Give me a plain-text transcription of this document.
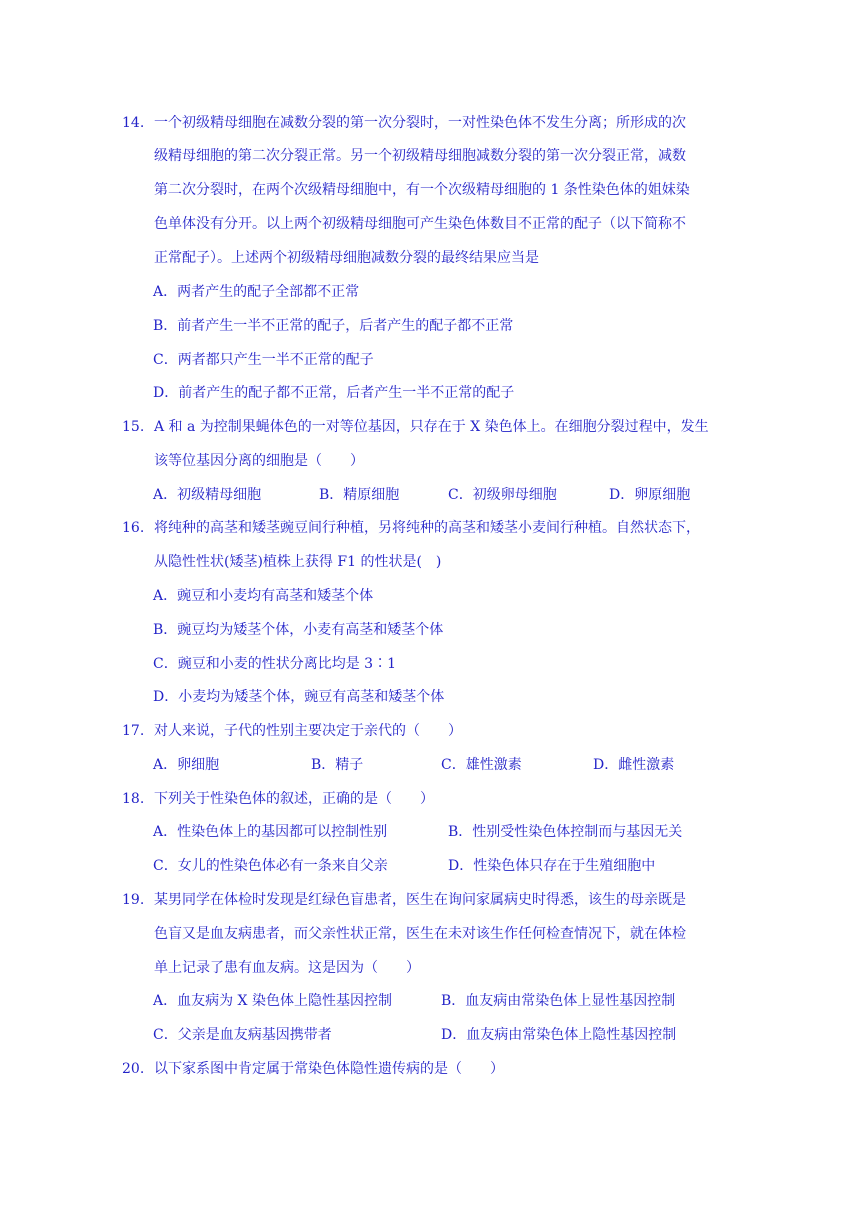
14. 一个初级精母细胞在减数分裂的第一次分裂时，一对性染色体不发生分离；所形成的次
级精母细胞的第二次分裂正常。另一个初级精母细胞减数分裂的第一次分裂正常，减数
第二次分裂时，在两个次级精母细胞中，有一个次级精母细胞的 1 条性染色体的姐妹染
色单体没有分开。以上两个初级精母细胞可产生染色体数目不正常的配子（以下简称不
正常配子）。上述两个初级精母细胞减数分裂的最终结果应当是
A．两者产生的配子全部都不正常
B．前者产生一半不正常的配子，后者产生的配子都不正常
C．两者都只产生一半不正常的配子
D．前者产生的配子都不正常，后者产生一半不正常的配子
15. A 和 a 为控制果蝇体色的一对等位基因，只存在于 X 染色体上。在细胞分裂过程中，发生
该等位基因分离的细胞是（　　）
A．初级精母细胞	B．精原细胞	C．初级卵母细胞	D．卵原细胞
16. 将纯种的高茎和矮茎豌豆间行种植，另将纯种的高茎和矮茎小麦间行种植。自然状态下，
从隐性性状(矮茎)植株上获得 F1 的性状是(　)
A．豌豆和小麦均有高茎和矮茎个体
B．豌豆均为矮茎个体，小麦有高茎和矮茎个体
C．豌豆和小麦的性状分离比均是 3∶1
D．小麦均为矮茎个体，豌豆有高茎和矮茎个体
17. 对人来说，子代的性别主要决定于亲代的（　　）
A．卵细胞	B．精子	C．雄性激素	D．雌性激素
18. 下列关于性染色体的叙述，正确的是（　　）
A．性染色体上的基因都可以控制性别	B．性别受性染色体控制而与基因无关
C．女儿的性染色体必有一条来自父亲	D．性染色体只存在于生殖细胞中
19. 某男同学在体检时发现是红绿色盲患者，医生在询问家属病史时得悉，该生的母亲既是
色盲又是血友病患者，而父亲性状正常，医生在未对该生作任何检查情况下，就在体检
单上记录了患有血友病。这是因为（　　）
A．血友病为 X 染色体上隐性基因控制	B．血友病由常染色体上显性基因控制
C．父亲是血友病基因携带者	D．血友病由常染色体上隐性基因控制
20. 以下家系图中肯定属于常染色体隐性遗传病的是（　　）
